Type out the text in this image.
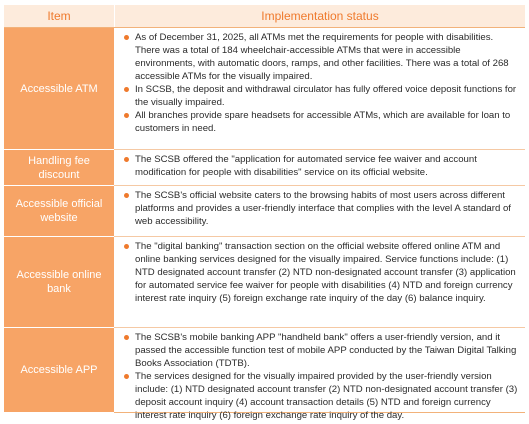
Item	Implementation status
Accessible ATM
As of December 31, 2025, all ATMs met the requirements for people with disabilities. There was a total of 184 wheelchair-accessible ATMs that were in accessible environments, with automatic doors, ramps, and other facilities. There was a total of 268 accessible ATMs for the visually impaired.
In SCSB, the deposit and withdrawal circulator has fully offered voice deposit functions for the visually impaired.
All branches provide spare headsets for accessible ATMs, which are available for loan to customers in need.
Handling fee discount
The SCSB offered the "application for automated service fee waiver and account modification for people with disabilities" service on its official website.
Accessible official website
The SCSB's official website caters to the browsing habits of most users across different platforms and provides a user-friendly interface that complies with the level A standard of web accessibility.
Accessible online bank
The "digital banking" transaction section on the official website offered online ATM and online banking services designed for the visually impaired. Service functions include: (1) NTD designated account transfer (2) NTD non-designated account transfer (3) application for automated service fee waiver for people with disabilities (4) NTD and foreign currency interest rate inquiry (5) foreign exchange rate inquiry of the day (6) balance inquiry.
Accessible APP
The SCSB's mobile banking APP "handheld bank" offers a user-friendly version, and it passed the accessible function test of mobile APP conducted by the Taiwan Digital Talking Books Association (TDTB).
The services designed for the visually impaired provided by the user-friendly version include: (1) NTD designated account transfer (2) NTD non-designated account transfer (3) deposit account inquiry (4) account transaction details (5) NTD and foreign currency interest rate inquiry (6) foreign exchange rate inquiry of the day.
